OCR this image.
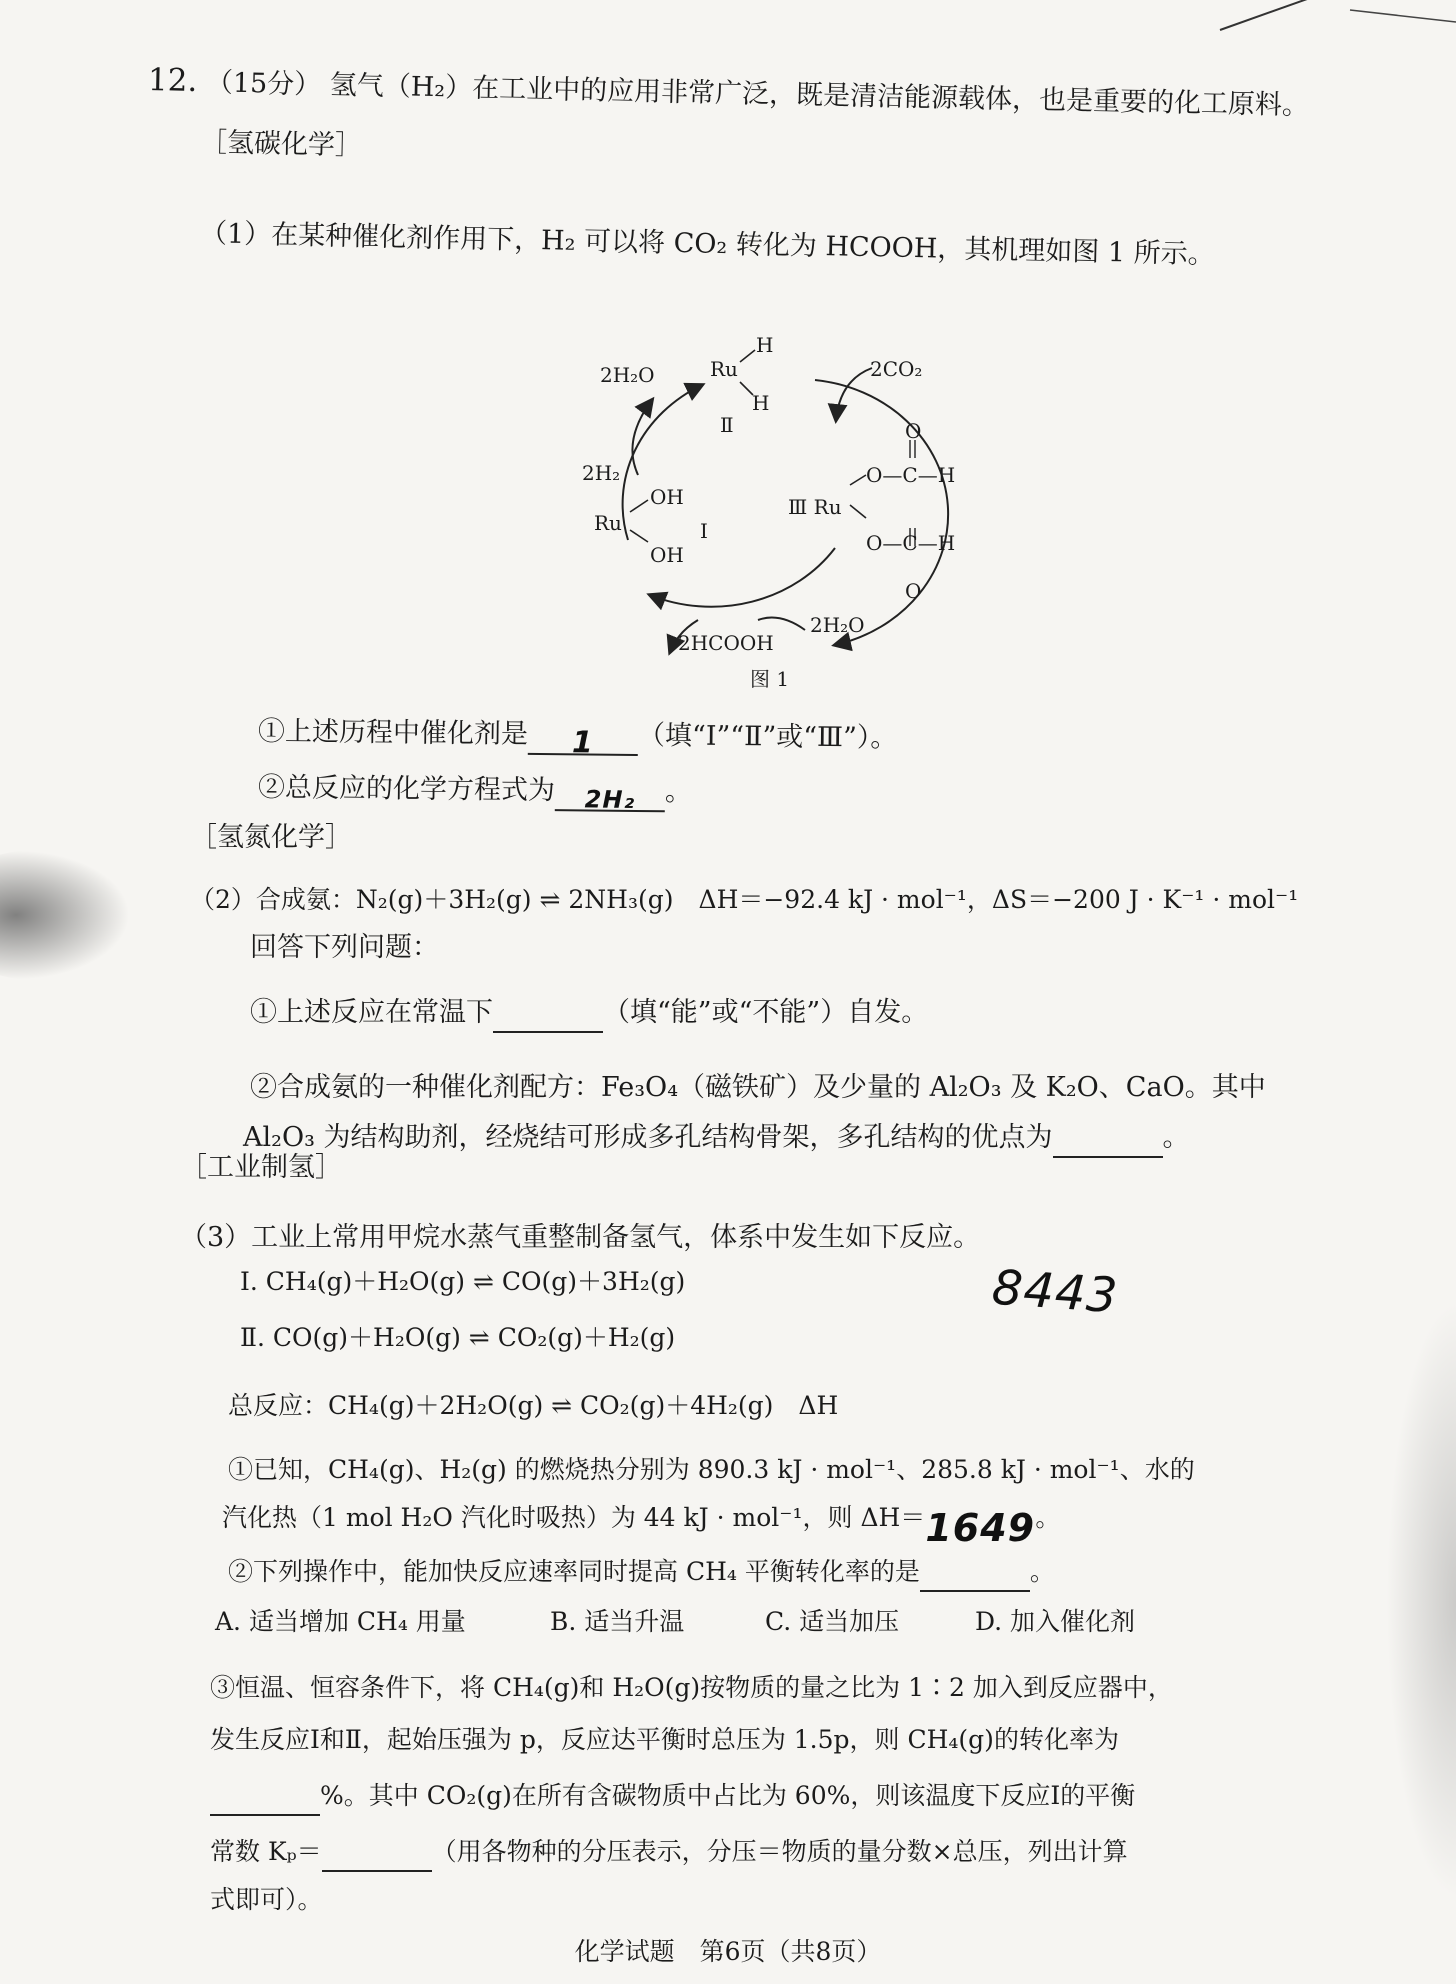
12. （15分） 氢气（H₂）在工业中的应用非常广泛，既是清洁能源载体，也是重要的化工原料。
［氢碳化学］
（1）在某种催化剂作用下，H₂ 可以将 CO₂ 转化为 HCOOH，其机理如图 1 所示。
2H₂O	Ru
H
H
Ⅱ
2CO₂
2H₂
O
O—C—H
Ⅲ Ru
O—C—H
O
Ru
OH
OH
Ⅰ
2HCOOH
2H₂O
图 1
①上述历程中催化剂是 1 （填“Ⅰ”“Ⅱ”或“Ⅲ”）。
②总反应的化学方程式为 2H₂ 。
［氢氮化学］
（2）合成氨：N₂(g)＋3H₂(g) ⇌ 2NH₃(g)　ΔH＝−92.4 kJ · mol⁻¹，ΔS＝−200 J · K⁻¹ · mol⁻¹
回答下列问题：
①上述反应在常温下	（填“能”或“不能”）自发。
②合成氨的一种催化剂配方：Fe₃O₄（磁铁矿）及少量的 Al₂O₃ 及 K₂O、CaO。其中
Al₂O₃ 为结构助剂，经烧结可形成多孔结构骨架，多孔结构的优点为	。
［工业制氢］
（3）工业上常用甲烷水蒸气重整制备氢气，体系中发生如下反应。
Ⅰ. CH₄(g)＋H₂O(g) ⇌ CO(g)＋3H₂(g)	8443
Ⅱ. CO(g)＋H₂O(g) ⇌ CO₂(g)＋H₂(g)
总反应：CH₄(g)＋2H₂O(g) ⇌ CO₂(g)＋4H₂(g)　ΔH
①已知，CH₄(g)、H₂(g) 的燃烧热分别为 890.3 kJ · mol⁻¹、285.8 kJ · mol⁻¹、水的
汽化热（1 mol H₂O 汽化时吸热）为 44 kJ · mol⁻¹，则 ΔH＝1649。
②下列操作中，能加快反应速率同时提高 CH₄ 平衡转化率的是	。
A. 适当增加 CH₄ 用量	B. 适当升温	C. 适当加压	D. 加入催化剂
③恒温、恒容条件下，将 CH₄(g)和 H₂O(g)按物质的量之比为 1∶2 加入到反应器中，
发生反应Ⅰ和Ⅱ，起始压强为 p，反应达平衡时总压为 1.5p，则 CH₄(g)的转化率为
%。其中 CO₂(g)在所有含碳物质中占比为 60%，则该温度下反应Ⅰ的平衡
常数 Kₚ＝	（用各物种的分压表示，分压＝物质的量分数×总压，列出计算
式即可）。
化学试题　第6页（共8页）
